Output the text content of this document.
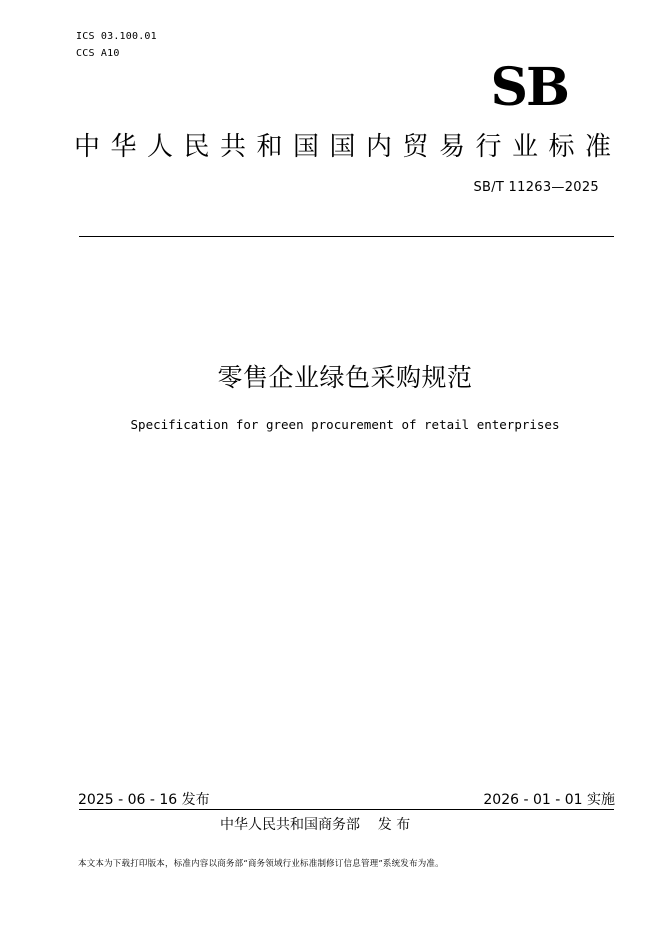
ICS 03.100.01
CCS A10
SB
中华人民共和国国内贸易行业标准
SB/T 11263—2025
零售企业绿色采购规范
Specification for green procurement of retail enterprises
2025 - 06 - 16 发布	2026 - 01 - 01 实施
中华人民共和国商务部    发 布
本文本为下载打印版本，标准内容以商务部“商务领域行业标准制修订信息管理”系统发布为准。
